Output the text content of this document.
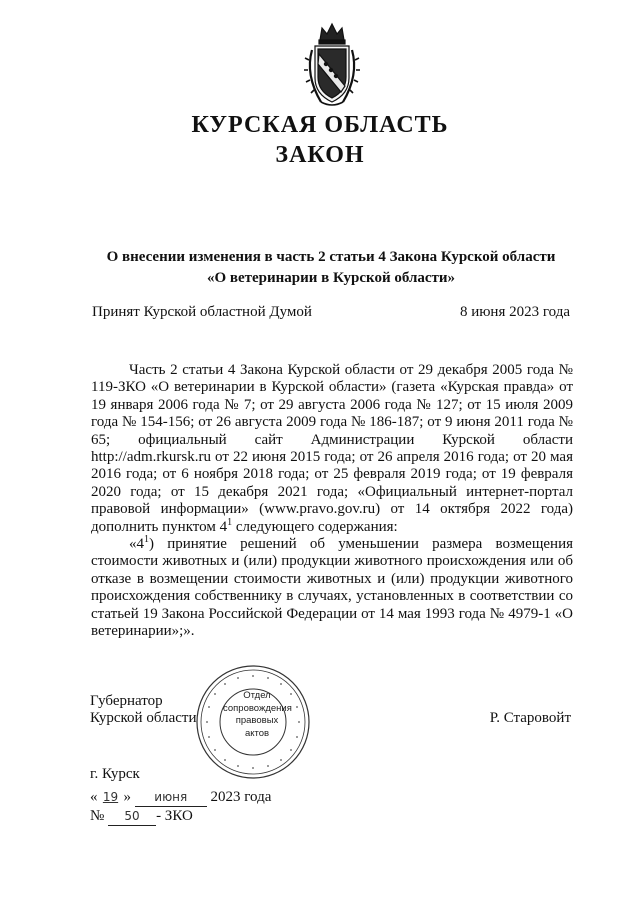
КУРСКАЯ ОБЛАСТЬ
ЗАКОН
О внесении изменения в часть 2 статьи 4 Закона Курской области
«О ветеринарии в Курской области»
Принят Курской областной Думой	8 июня 2023 года

Часть 2 статьи 4 Закона Курской области от 29 декабря 2005 года № 119-ЗКО «О ветеринарии в Курской области» (газета «Курская правда» от 19 января 2006 года № 7; от 29 августа 2006 года № 127; от 15 июля 2009 года № 154-156; от 26 августа 2009 года № 186-187; от 9 июня 2011 года № 65; официальный сайт Администрации Курской области http://adm.rkursk.ru от 22 июня 2015 года; от 26 апреля 2016 года; от 20 мая 2016 года; от 6 ноября 2018 года; от 25 февраля 2019 года; от 19 февраля 2020 года; от 15 декабря 2021 года; «Официальный интернет-портал правовой информации» (www.pravo.gov.ru) от 14 октября 2022 года) дополнить пунктом $4^1$ следующего содержания:

«$4^1$) принятие решений об уменьшении размера возмещения стоимости животных и (или) продукции животного происхождения или об отказе в возмещении стоимости животных и (или) продукции животного происхождения собственнику в случаях, установленных в соответствии со статьей 19 Закона Российской Федерации от 14 мая 1993 года № 4979-1 «О ветеринарии»;».

Губернатор
Курской области	Р. Старовойт
Отдел
сопровождения
правовых
актов
г. Курск
« 19 » июня 2023 года
№ 50 - ЗКО
